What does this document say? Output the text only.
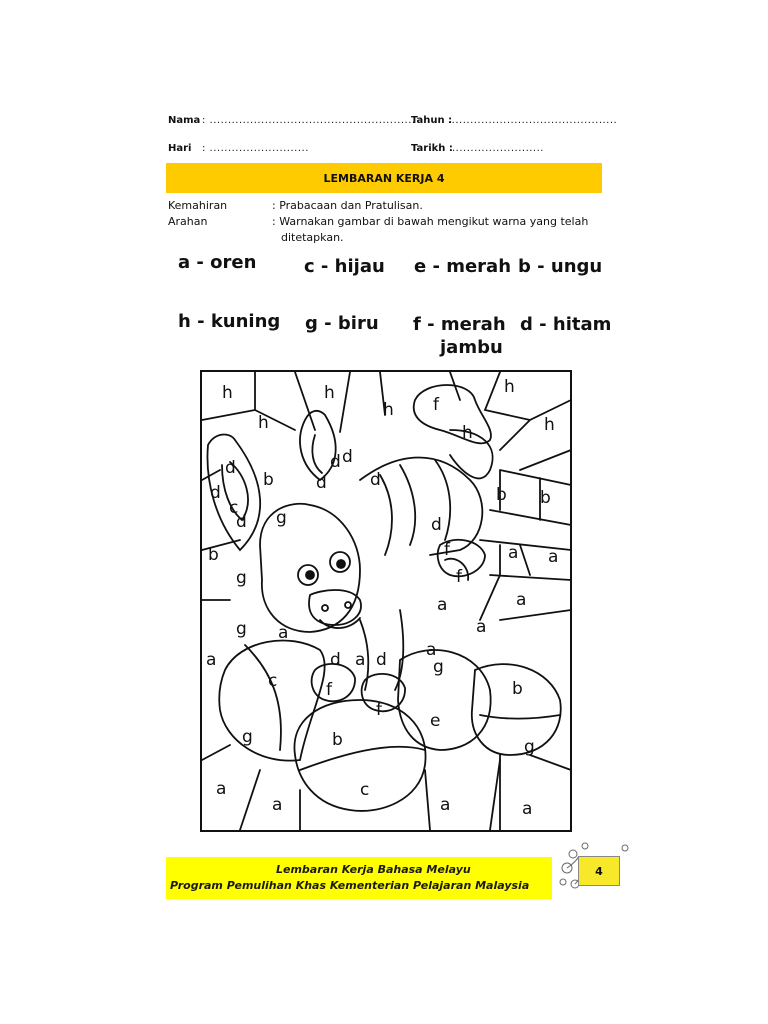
Nama : ........................................................
Tahun :
..............................................
Hari : ...........................	Tarikh : .........................
LEMBARAN KERJA 4
Kemahiran	: Prabacaan dan Pratulisan.
Arahan	: Warnakan gambar di bawah mengikut warna yang telah
ditetapkan.
a - oren	c - hijau e - merah b - ungu
h - kuning g - biru f - merah
jambu
d - hitam
h	h
h f
h
h	h	h
d
d
b
d
c
d
d
d
g
b b
d
d
b
g
f	a a
f
a	a
g a
a
a
a	d a d	g
c	f	b
f
e
g
b
g
a	c
a	a	a
Lembaran Kerja Bahasa Melayu
Program Pemulihan Khas Kementerian Pelajaran Malaysia
4
